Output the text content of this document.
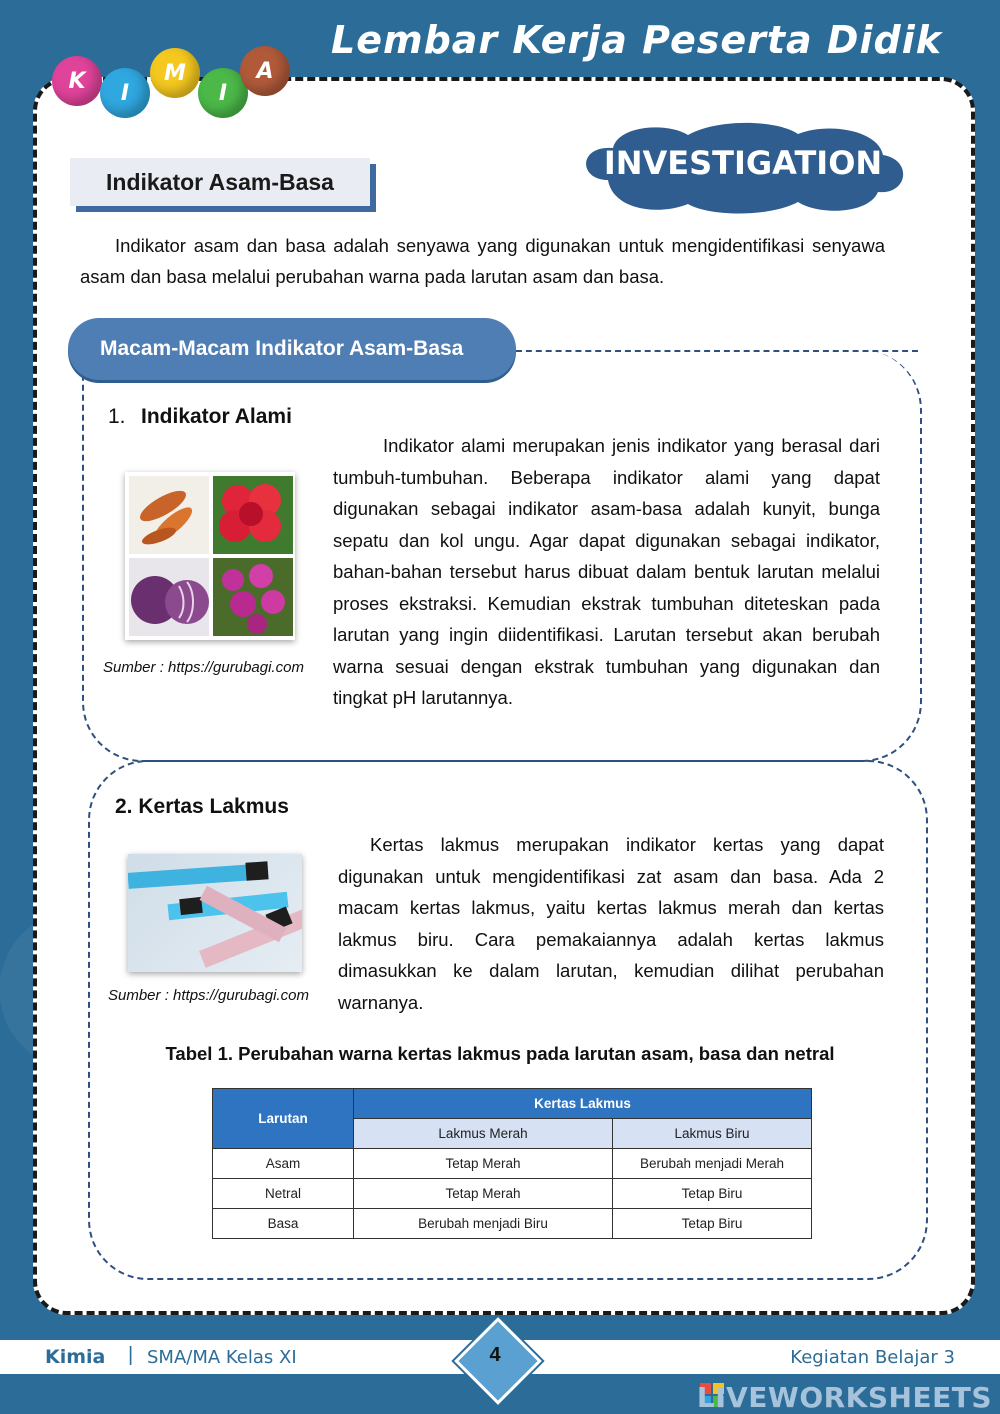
Lembar Kerja Peserta Didik
K I
M
I
A
Indikator Asam-Basa	INVESTIGATION
Indikator asam dan basa adalah senyawa yang digunakan untuk mengidentifikasi senyawa asam dan basa melalui perubahan warna pada larutan asam dan basa.
Macam-Macam Indikator Asam-Basa
1. Indikator Alami
Sumber : https://gurubagi.com
Indikator alami merupakan jenis indikator yang berasal dari tumbuh-tumbuhan. Beberapa indikator alami yang dapat digunakan sebagai indikator asam-basa adalah kunyit, bunga sepatu dan kol ungu. Agar dapat digunakan sebagai indikator, bahan-bahan tersebut harus dibuat dalam bentuk larutan melalui proses ekstraksi. Kemudian ekstrak tumbuhan diteteskan pada larutan yang ingin diidentifikasi. Larutan tersebut akan berubah warna sesuai dengan ekstrak tumbuhan yang digunakan dan tingkat pH larutannya.
2. Kertas Lakmus
Sumber : https://gurubagi.com
Kertas lakmus merupakan indikator kertas yang dapat digunakan untuk mengidentifikasi zat asam dan basa. Ada 2 macam kertas lakmus, yaitu kertas lakmus merah dan kertas lakmus biru. Cara pemakaiannya adalah kertas lakmus dimasukkan ke dalam larutan, kemudian dilihat perubahan warnanya.
Tabel 1. Perubahan warna kertas lakmus pada larutan asam, basa dan netral
Larutan	Kertas Lakmus	
	Lakmus Merah	Lakmus Biru
Asam	Tetap Merah	Berubah menjadi Merah
Netral	Tetap Merah	Tetap Biru
Basa	Berubah menjadi Biru	Tetap Biru
Kimia | SMA/MA Kelas XI	Kegiatan Belajar 3
4
LIVEWORKSHEETS
